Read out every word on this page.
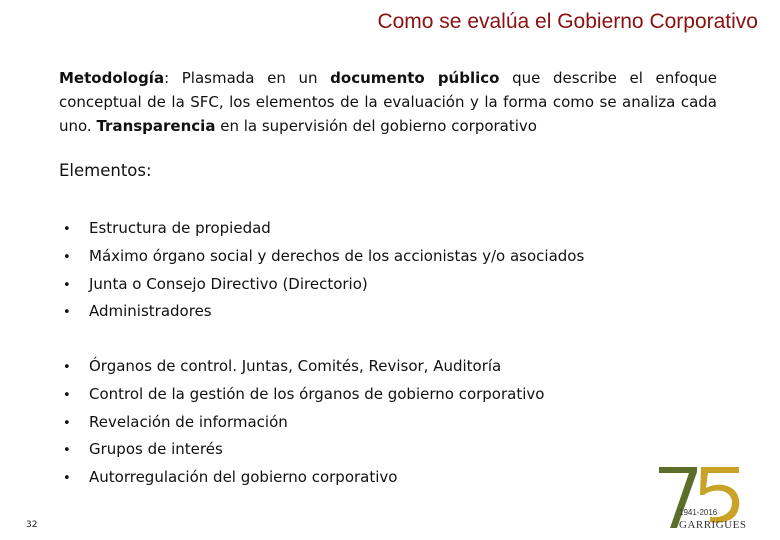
Como se evalúa el Gobierno Corporativo
Metodología: Plasmada en un documento público que describe el enfoque conceptual de la SFC, los elementos de la evaluación y la forma como se analiza cada uno. Transparencia en la supervisión del gobierno corporativo
Elementos:
• Estructura de propiedad
• Máximo órgano social y derechos de los accionistas y/o asociados
• Junta o Consejo Directivo (Directorio)
• Administradores
• Órganos de control. Juntas, Comités, Revisor, Auditoría
• Control de la gestión de los órganos de gobierno corporativo
• Revelación de información
• Grupos de interés
• Autorregulación del gobierno corporativo
32
1941-2016
GARRIGUES
